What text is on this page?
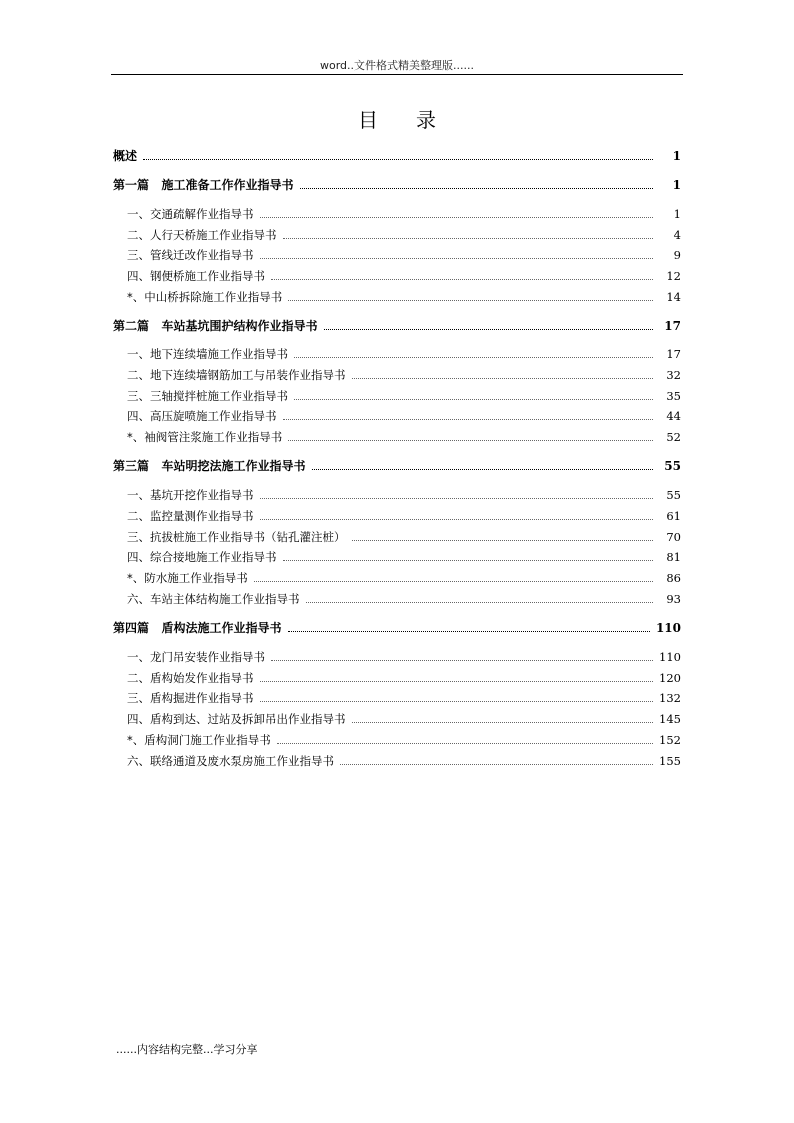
word..文件格式精美整理版......
目录
概述	1
第一篇   施工准备工作作业指导书	1
一、交通疏解作业指导书	1
二、人行天桥施工作业指导书	4
三、管线迁改作业指导书	9
四、钢便桥施工作业指导书	12
*、中山桥拆除施工作业指导书	14
第二篇   车站基坑围护结构作业指导书	17
一、地下连续墙施工作业指导书	17
二、地下连续墙钢筋加工与吊装作业指导书	32
三、三轴搅拌桩施工作业指导书	35
四、高压旋喷施工作业指导书	44
*、袖阀管注浆施工作业指导书	52
第三篇   车站明挖法施工作业指导书	55
一、基坑开挖作业指导书	55
二、监控量测作业指导书	61
三、抗拔桩施工作业指导书（钻孔灌注桩）	70
四、综合接地施工作业指导书	81
*、防水施工作业指导书	86
六、车站主体结构施工作业指导书	93
第四篇   盾构法施工作业指导书	110
一、龙门吊安装作业指导书	110
二、盾构始发作业指导书	120
三、盾构掘进作业指导书	132
四、盾构到达、过站及拆卸吊出作业指导书	145
*、盾构洞门施工作业指导书	152
六、联络通道及废水泵房施工作业指导书	155
......内容结构完整...学习分享
